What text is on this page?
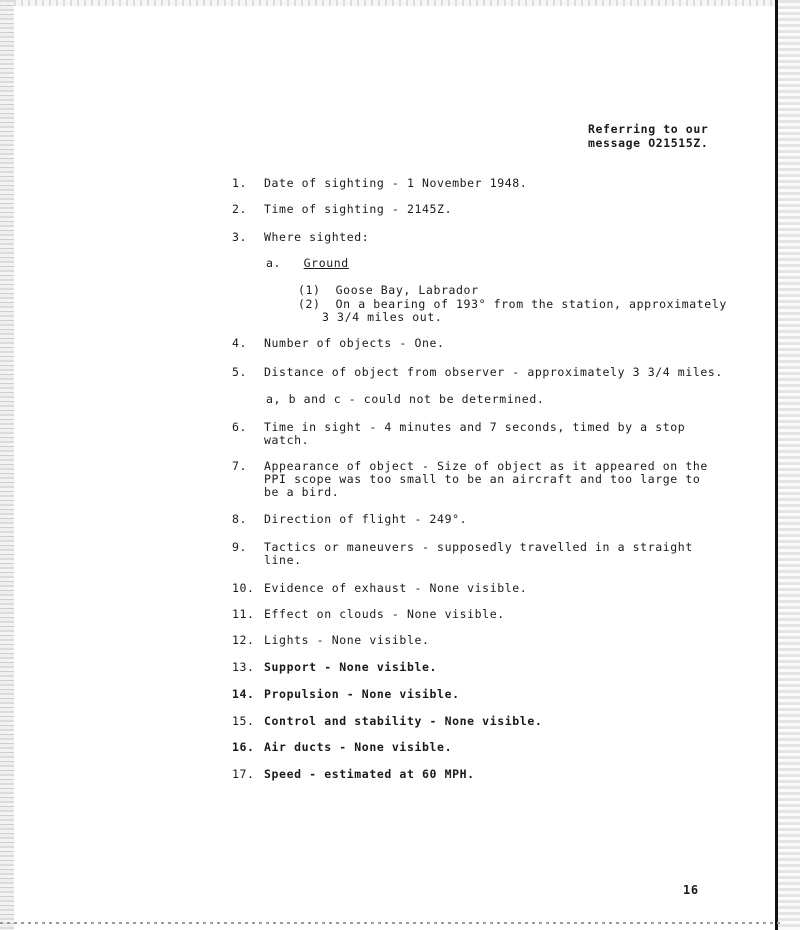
Referring to our
message O21515Z.
1. Date of sighting - 1 November 1948.
2. Time of sighting - 2145Z.
3. Where sighted:
a. Ground
(1) Goose Bay, Labrador
(2) On a bearing of 193° from the station, approximately
3 3/4 miles out.
4. Number of objects - One.
5. Distance of object from observer - approximately 3 3/4 miles.
a, b and c - could not be determined.
6. Time in sight - 4 minutes and 7 seconds, timed by a stop
watch.
7. Appearance of object - Size of object as it appeared on the
PPI scope was too small to be an aircraft and too large to
be a bird.
8. Direction of flight - 249°.
9. Tactics or maneuvers - supposedly travelled in a straight
line.
10. Evidence of exhaust - None visible.
11. Effect on clouds - None visible.
12. Lights - None visible.
13. Support - None visible.
14. Propulsion - None visible.
15. Control and stability - None visible.
16. Air ducts - None visible.
17. Speed - estimated at 60 MPH.
16
